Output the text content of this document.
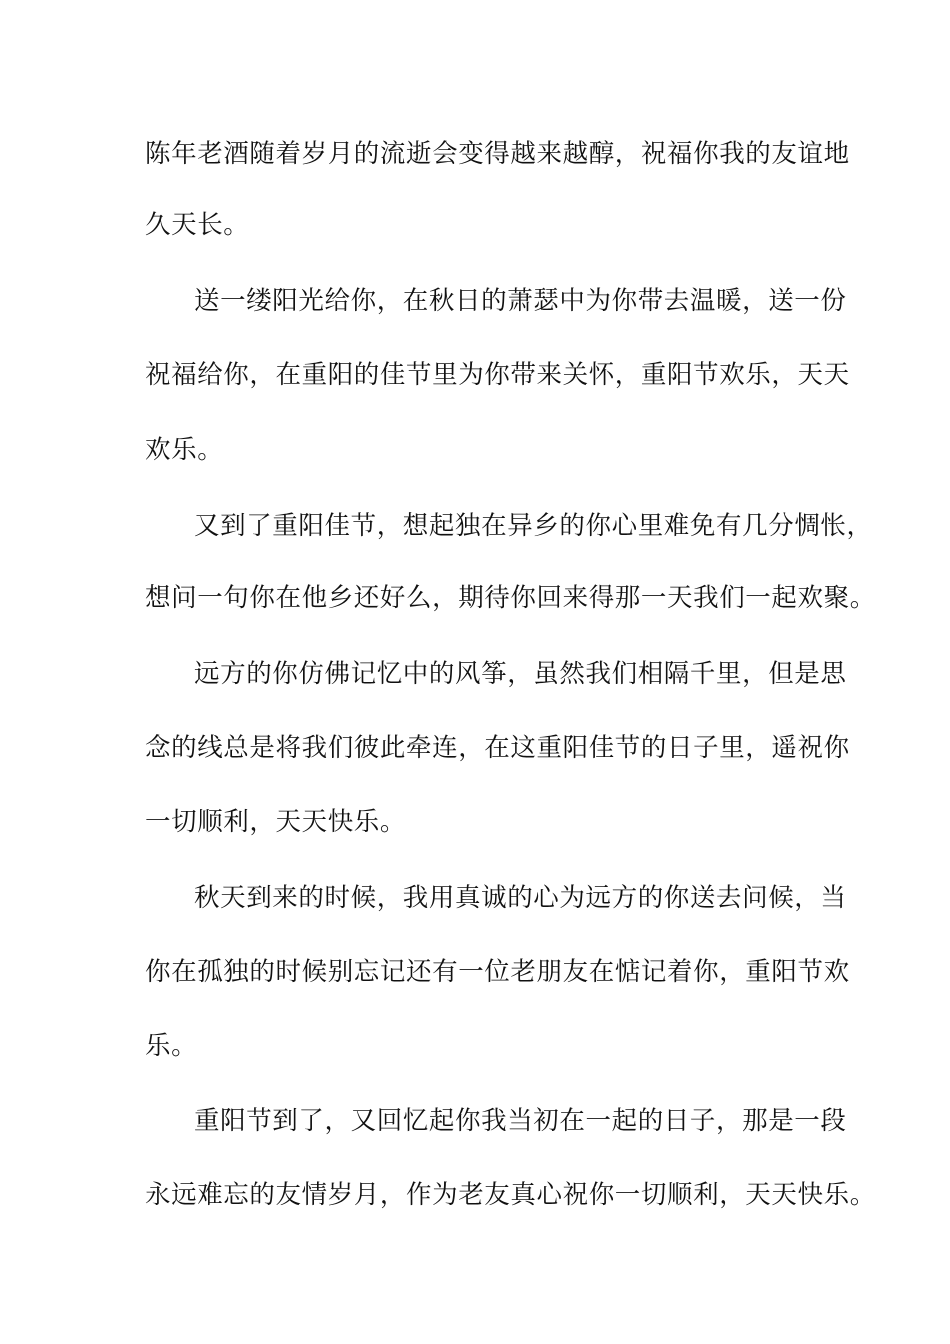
陈年老酒随着岁月的流逝会变得越来越醇，祝福你我的友谊地
久天长。
送一缕阳光给你，在秋日的萧瑟中为你带去温暖，送一份
祝福给你，在重阳的佳节里为你带来关怀，重阳节欢乐，天天
欢乐。
又到了重阳佳节，想起独在异乡的你心里难免有几分惆怅，
想问一句你在他乡还好么，期待你回来得那一天我们一起欢聚。
远方的你仿佛记忆中的风筝，虽然我们相隔千里，但是思
念的线总是将我们彼此牵连，在这重阳佳节的日子里，遥祝你
一切顺利，天天快乐。
秋天到来的时候，我用真诚的心为远方的你送去问候，当
你在孤独的时候别忘记还有一位老朋友在惦记着你，重阳节欢
乐。
重阳节到了，又回忆起你我当初在一起的日子，那是一段
永远难忘的友情岁月，作为老友真心祝你一切顺利，天天快乐。
